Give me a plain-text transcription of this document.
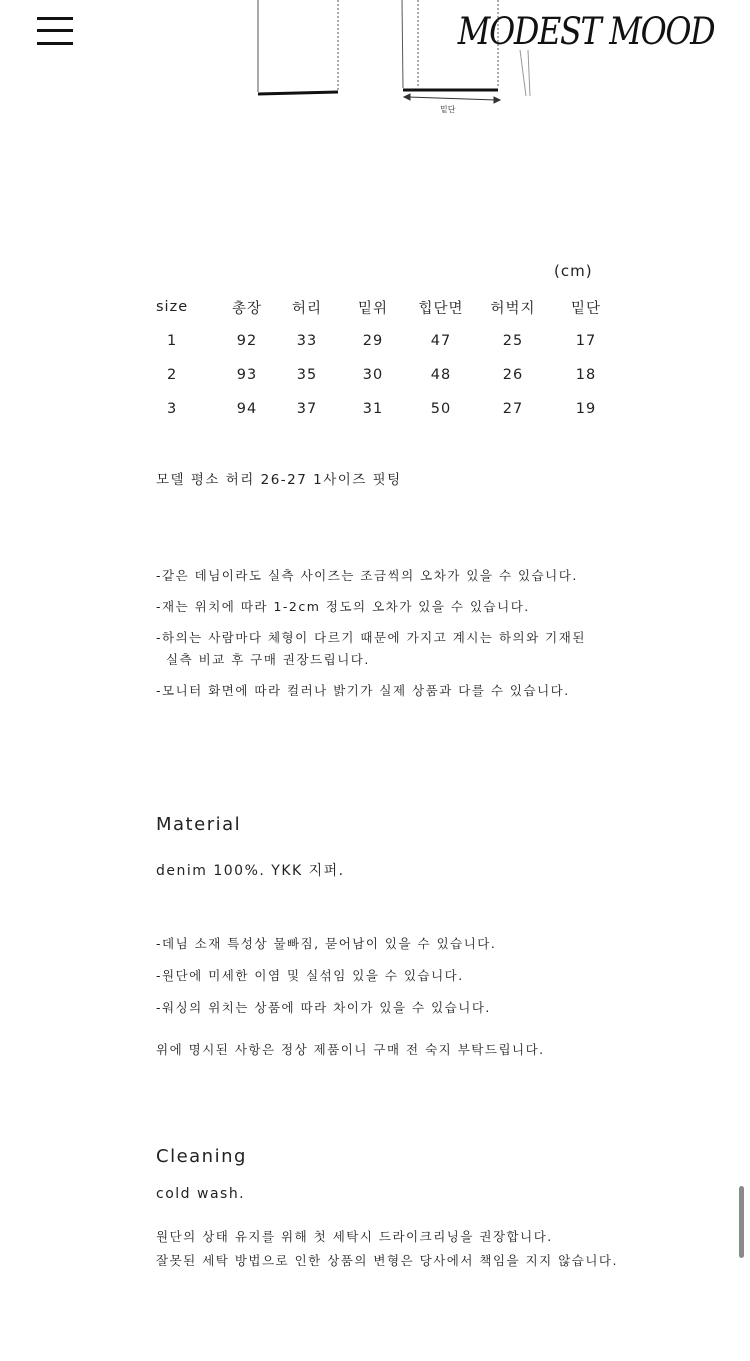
MODEST MOOD
밑단
(cm)
size	총장	허리	밑위	힙단면	허벅지	밑단
1	92	33	29	47	25	17
2	93	35	30	48	26	18
3	94	37	31	50	27	19
모델 평소 허리 26-27 1사이즈 핏팅
-같은 데님이라도 실측 사이즈는 조금씩의 오차가 있을 수 있습니다.
-재는 위치에 따라 1-2cm 정도의 오차가 있을 수 있습니다.
-하의는 사람마다 체형이 다르기 때문에 가지고 계시는 하의와 기재된
실측 비교 후 구매 권장드립니다.
-모니터 화면에 따라 컬러나 밝기가 실제 상품과 다를 수 있습니다.
Material
denim 100%. YKK 지퍼.
-데님 소재 특성상 물빠짐, 묻어남이 있을 수 있습니다.
-원단에 미세한 이염 및 실섞임 있을 수 있습니다.
-워싱의 위치는 상품에 따라 차이가 있을 수 있습니다.
위에 명시된 사항은 정상 제품이니 구매 전 숙지 부탁드립니다.
Cleaning
cold wash.
원단의 상태 유지를 위해 첫 세탁시 드라이크리닝을 권장합니다.
잘못된 세탁 방법으로 인한 상품의 변형은 당사에서 책임을 지지 않습니다.
